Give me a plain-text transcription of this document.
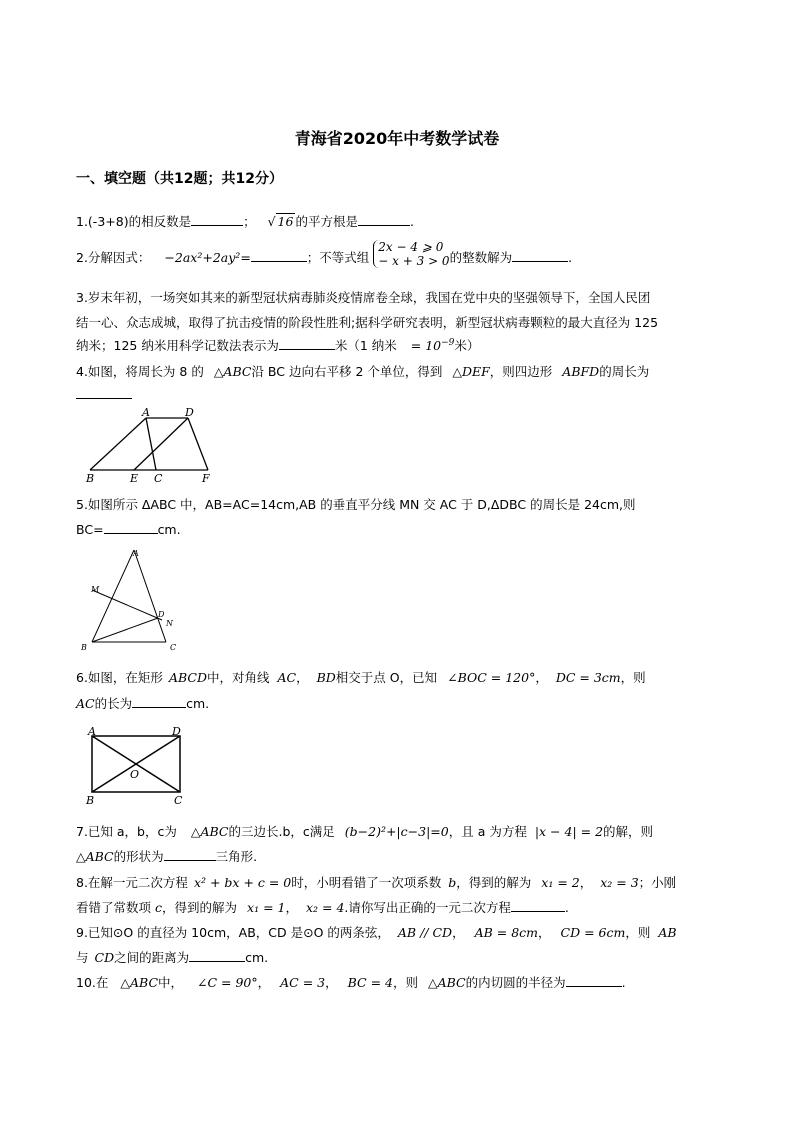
青海省2020年中考数学试卷
一、填空题（共12题；共12分）
1.(-3+8)的相反数是	； √ 16 的平方根是	.
2.分解因式： −2ax²+2ay²=	；不等式组 2x − 4 ⩾ 0
− x + 3 > 0的整数解为	.
3.岁末年初，一场突如其来的新型冠状病毒肺炎疫情席卷全球，我国在党中央的坚强领导下，全国人民团
结一心、众志成城，取得了抗击疫情的阶段性胜利;据科学研究表明，新型冠状病毒颗粒的最大直径为 125
纳米；125 纳米用科学记数法表示为	米（1 纳米 = $10^{-9}$米）
4.如图，将周长为 8 的 △ABC沿 BC 边向右平移 2 个单位，得到 △DEF，则四边形 ABFD的周长为
A	D
B	E C	F
5.如图所示 ΔABC 中，AB=AC=14cm,AB 的垂直平分线 MN 交 AC 于 D,ΔDBC 的周长是 24cm,则
BC=	cm.
A
M
D
N
B	C
6.如图，在矩形 ABCD中，对角线 AC， BD相交于点 O，已知 ∠BOC = 120°， DC = 3cm，则
AC的长为	cm.
A	D
O
B	C
7.已知 a，b，c为 △ABC的三边长.b，c满足 (b−2)²+|c−3|=0，且 a 为方程 |x − 4| = 2的解，则
△ABC的形状为	三角形.
8.在解一元二次方程 x² + bx + c = 0时，小明看错了一次项系数 b，得到的解为 x₁ = 2， x₂ = 3；小刚
看错了常数项 c，得到的解为 x₁ = 1， x₂ = 4.请你写出正确的一元二次方程	.
9.已知⊙O 的直径为 10cm，AB，CD 是⊙O 的两条弦， AB // CD， AB = 8cm， CD = 6cm，则 AB
与 CD之间的距离为	cm.
10.在 △ABC中， ∠C = 90°， AC = 3， BC = 4，则 △ABC的内切圆的半径为	.
